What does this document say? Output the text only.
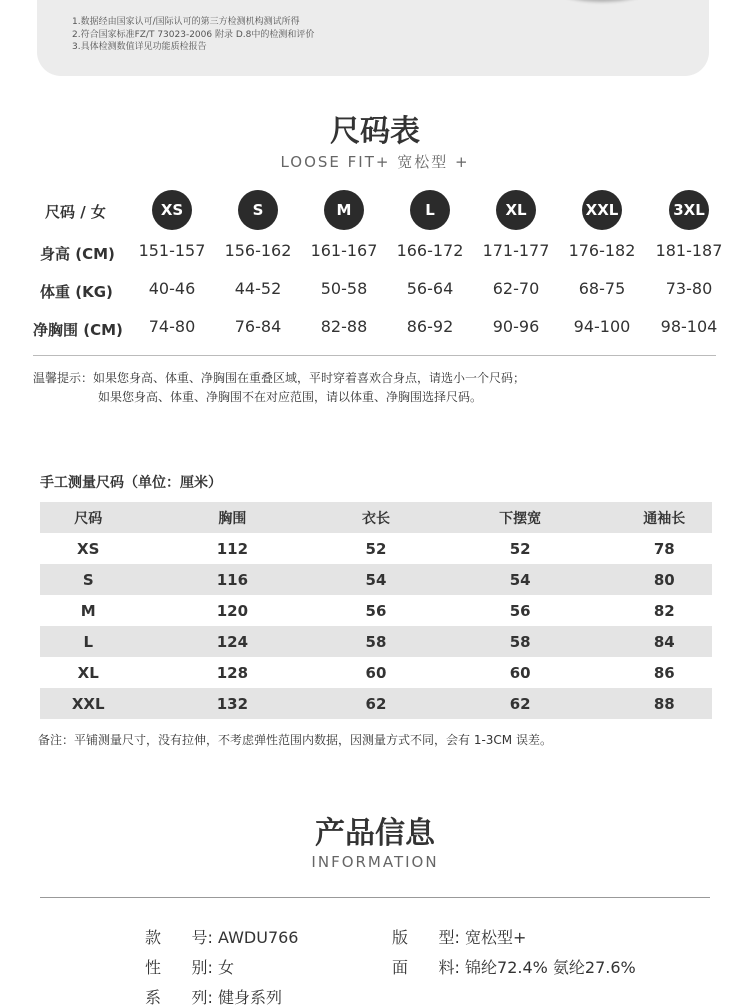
1.数据经由国家认可/国际认可的第三方检测机构测试所得
2.符合国家标准FZ/T 73023-2006 附录 D.8中的检测和评价
3.具体检测数值详见功能质检报告
尺码表
LOOSE FIT+ 宽松型 +
尺码 / 女	XS	S	M	L	XL	XXL	3XL
身高 (CM)	151-157	156-162	161-167	166-172	171-177	176-182	181-187
体重 (KG)	40-46	44-52	50-58	56-64	62-70	68-75	73-80
净胸围 (CM)	74-80	76-84	82-88	86-92	90-96	94-100	98-104
温馨提示：如果您身高、体重、净胸围在重叠区域，平时穿着喜欢合身点，请选小一个尺码；
如果您身高、体重、净胸围不在对应范围，请以体重、净胸围选择尺码。
手工测量尺码（单位：厘米）
尺码	胸围	衣长	下摆宽	通袖长
XS	112	52	52	78
S	116	54	54	80
M	120	56	56	82
L	124	58	58	84
XL	128	60	60	86
XXL	132	62	62	88
备注：平铺测量尺寸，没有拉伸，不考虑弹性范围内数据，因测量方式不同，会有 1-3CM 误差。
产品信息
INFORMATION
款      号: AWDU766	版      型: 宽松型+
性      别: 女	面      料: 锦纶72.4% 氨纶27.6%
系      列: 健身系列
